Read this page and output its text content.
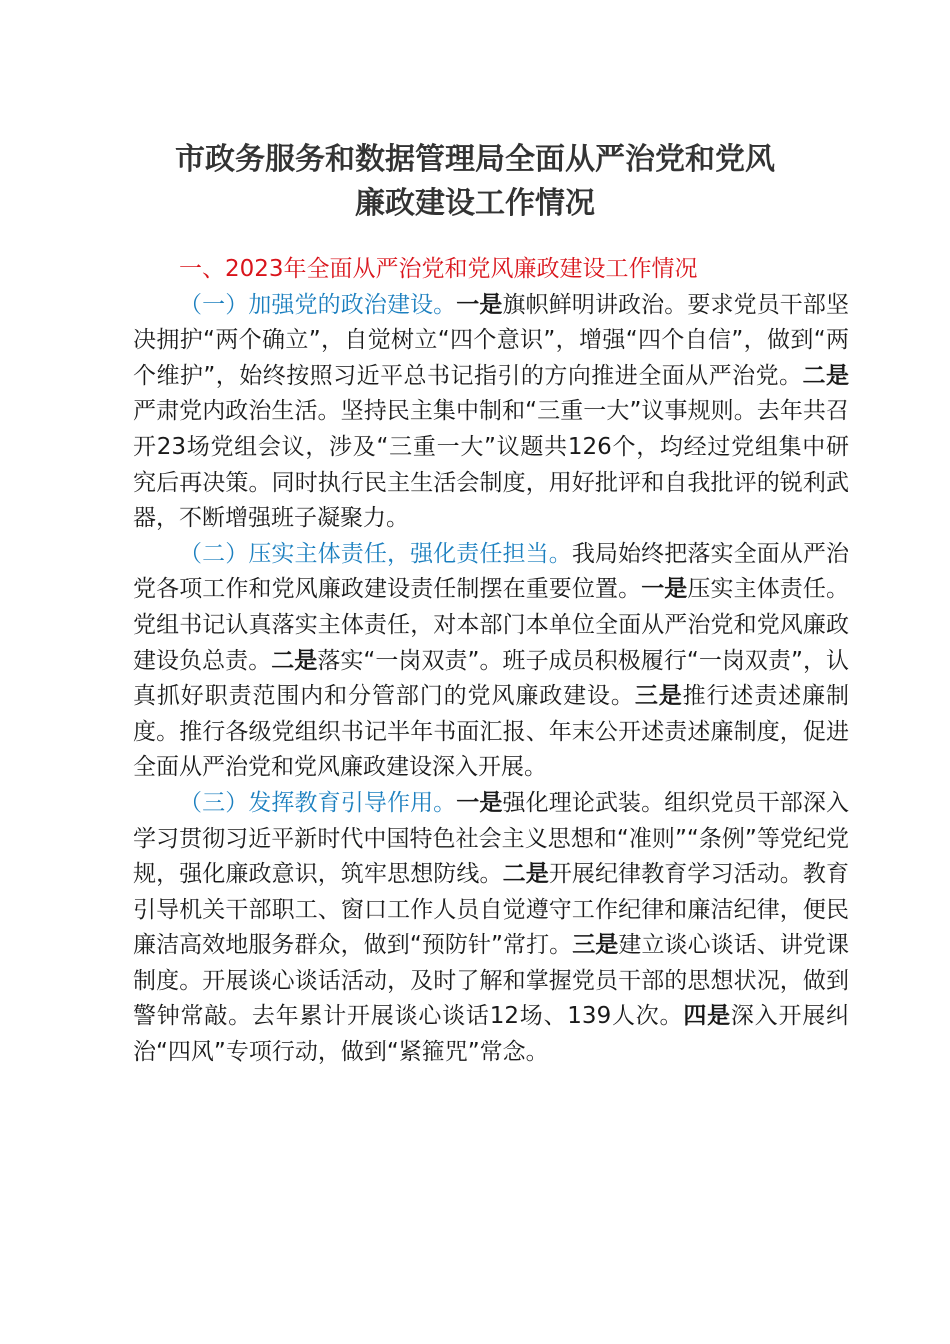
市政务服务和数据管理局全面从严治党和党风
廉政建设工作情况

一、2023年全面从严治党和党风廉政建设工作情况

（一）加强党的政治建设。一是旗帜鲜明讲政治。要求党员干部坚决拥护“两个确立”，自觉树立“四个意识”，增强“四个自信”，做到“两个维护”，始终按照习近平总书记指引的方向推进全面从严治党。二是严肃党内政治生活。坚持民主集中制和“三重一大”议事规则。去年共召开23场党组会议，涉及“三重一大”议题共126个，均经过党组集中研究后再决策。同时执行民主生活会制度，用好批评和自我批评的锐利武器，不断增强班子凝聚力。

（二）压实主体责任，强化责任担当。我局始终把落实全面从严治党各项工作和党风廉政建设责任制摆在重要位置。一是压实主体责任。党组书记认真落实主体责任，对本部门本单位全面从严治党和党风廉政建设负总责。二是落实“一岗双责”。班子成员积极履行“一岗双责”，认真抓好职责范围内和分管部门的党风廉政建设。三是推行述责述廉制度。推行各级党组织书记半年书面汇报、年末公开述责述廉制度，促进全面从严治党和党风廉政建设深入开展。

（三）发挥教育引导作用。一是强化理论武装。组织党员干部深入学习贯彻习近平新时代中国特色社会主义思想和“准则”“条例”等党纪党规，强化廉政意识，筑牢思想防线。二是开展纪律教育学习活动。教育引导机关干部职工、窗口工作人员自觉遵守工作纪律和廉洁纪律，便民廉洁高效地服务群众，做到“预防针”常打。三是建立谈心谈话、讲党课制度。开展谈心谈话活动，及时了解和掌握党员干部的思想状况，做到警钟常敲。去年累计开展谈心谈话12场、139人次。四是深入开展纠治“四风”专项行动，做到“紧箍咒”常念。
